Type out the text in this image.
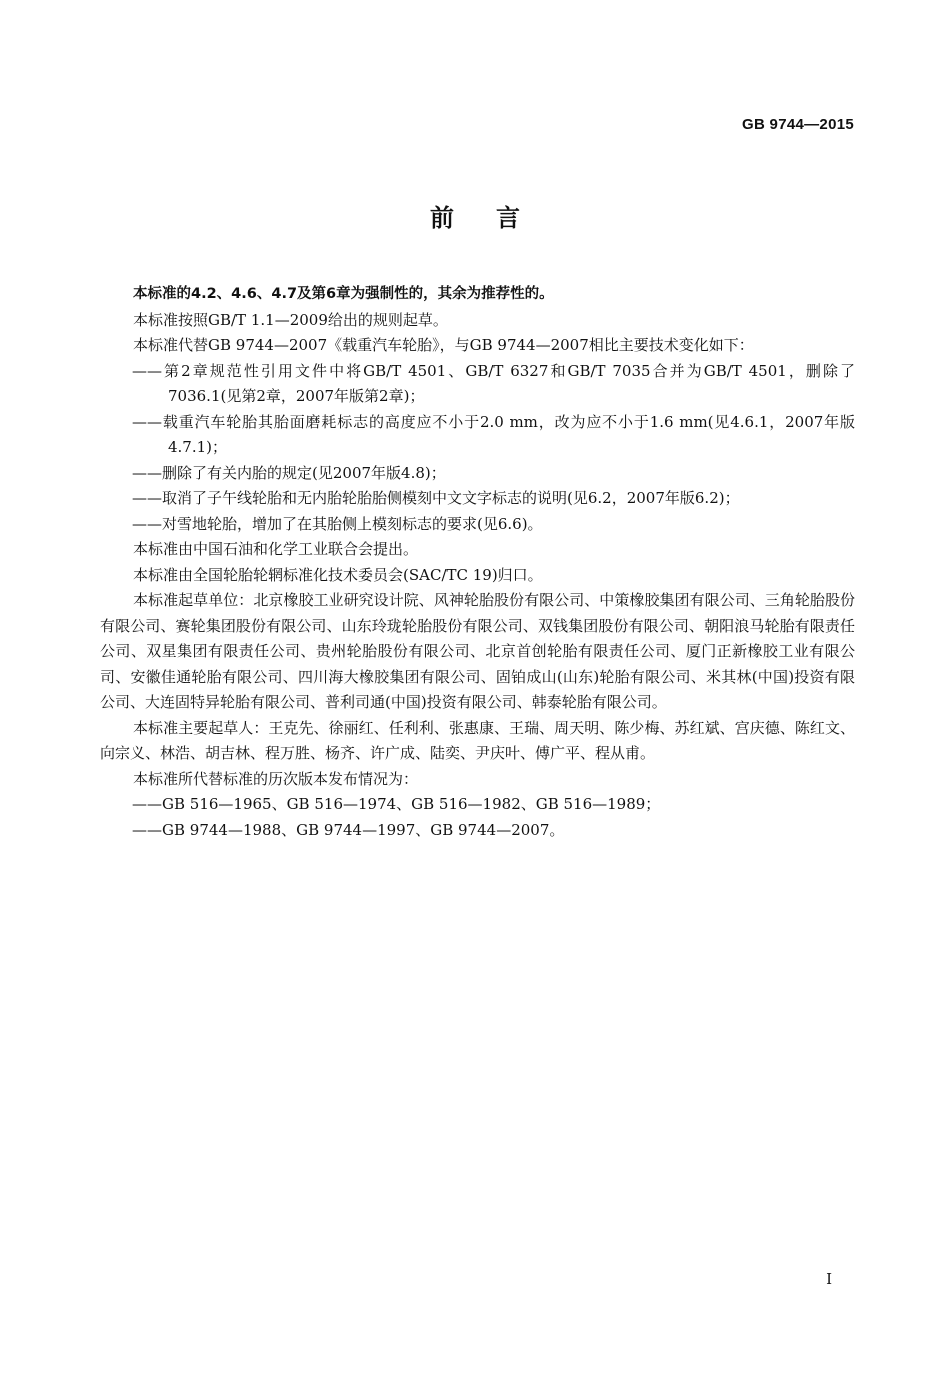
GB 9744—2015
前言

本标准的4.2、4.6、4.7及第6章为强制性的，其余为推荐性的。

本标准按照GB/T 1.1—2009给出的规则起草。

本标准代替GB 9744—2007《载重汽车轮胎》，与GB 9744—2007相比主要技术变化如下：

——第2章规范性引用文件中将GB/T 4501、GB/T 6327和GB/T 7035合并为GB/T 4501，删除了7036.1(见第2章，2007年版第2章)；

——载重汽车轮胎其胎面磨耗标志的高度应不小于2.0 mm，改为应不小于1.6 mm(见4.6.1，2007年版4.7.1)；

——删除了有关内胎的规定(见2007年版4.8)；

——取消了子午线轮胎和无内胎轮胎胎侧模刻中文文字标志的说明(见6.2，2007年版6.2)；

——对雪地轮胎，增加了在其胎侧上模刻标志的要求(见6.6)。

本标准由中国石油和化学工业联合会提出。

本标准由全国轮胎轮辋标准化技术委员会(SAC/TC 19)归口。

本标准起草单位：北京橡胶工业研究设计院、风神轮胎股份有限公司、中策橡胶集团有限公司、三角轮胎股份有限公司、赛轮集团股份有限公司、山东玲珑轮胎股份有限公司、双钱集团股份有限公司、朝阳浪马轮胎有限责任公司、双星集团有限责任公司、贵州轮胎股份有限公司、北京首创轮胎有限责任公司、厦门正新橡胶工业有限公司、安徽佳通轮胎有限公司、四川海大橡胶集团有限公司、固铂成山(山东)轮胎有限公司、米其林(中国)投资有限公司、大连固特异轮胎有限公司、普利司通(中国)投资有限公司、韩泰轮胎有限公司。

本标准主要起草人：王克先、徐丽红、任利利、张惠康、王瑞、周天明、陈少梅、苏红斌、宫庆德、陈红文、向宗义、林浩、胡吉林、程万胜、杨齐、许广成、陆奕、尹庆叶、傅广平、程从甫。

本标准所代替标准的历次版本发布情况为：

——GB 516—1965、GB 516—1974、GB 516—1982、GB 516—1989；

——GB 9744—1988、GB 9744—1997、GB 9744—2007。

I
